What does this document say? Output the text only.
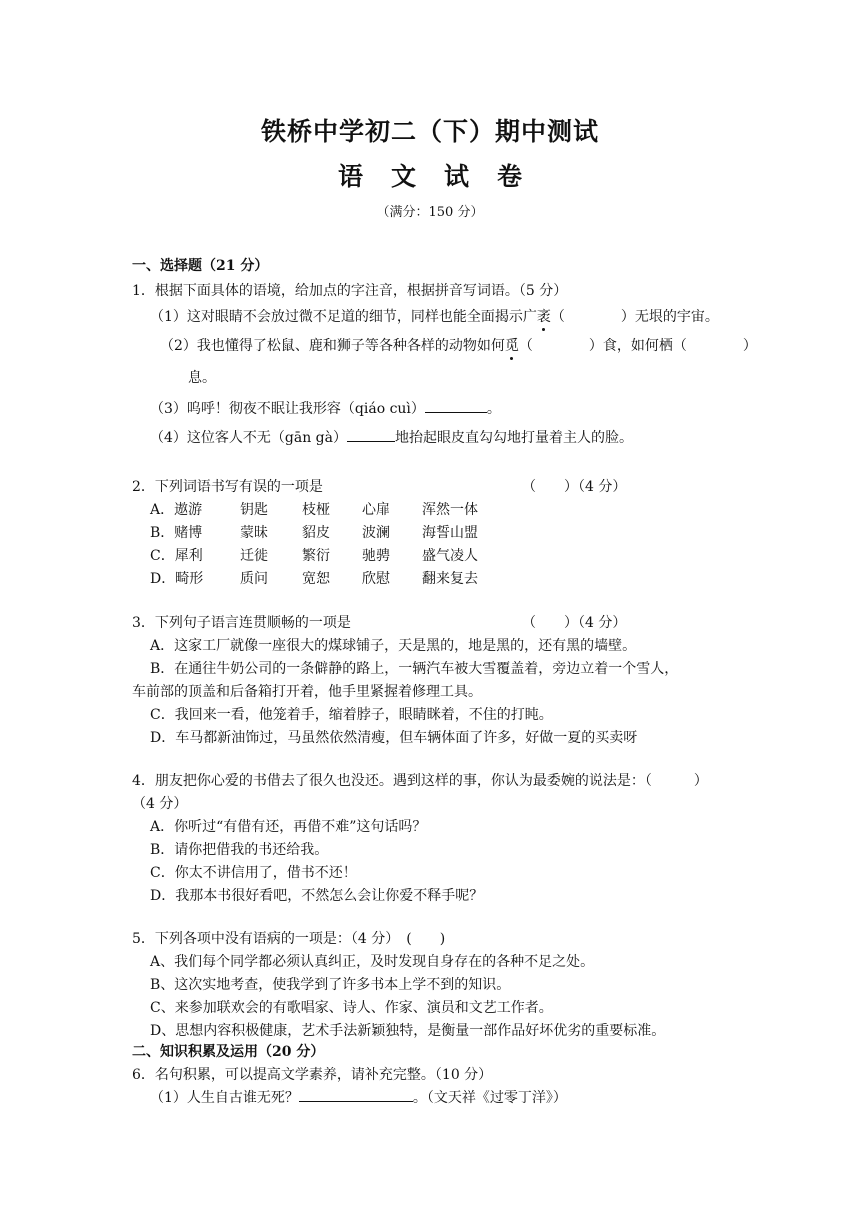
铁桥中学初二（下）期中测试
语 文 试 卷
（满分：150 分）
一、选择题（21 分）
1．根据下面具体的语境，给加点的字注音，根据拼音写词语。（5 分）
（1）这对眼睛不会放过微不足道的细节，同样也能全面揭示广袤（	）无垠的宇宙。
（2）我也懂得了松鼠、鹿和狮子等各种各样的动物如何觅（	）食，如何栖（	）
息。
（3）呜呼！彻夜不眠让我形容（qiáo cuì）	。
（4）这位客人不无（gān gà）	地抬起眼皮直勾勾地打量着主人的脸。
2．下列词语书写有误的一项是	（　　）（4 分）
A．遨游	钥匙 枝桠 心扉 浑然一体
B．赌博	蒙昧 貂皮 波澜 海誓山盟
C．犀利	迁徙 繁衍 驰骋 盛气凌人
D．畸形	质问 宽恕 欣慰 翻来复去
3．下列句子语言连贯顺畅的一项是	（　　）（4 分）
A．这家工厂就像一座很大的煤球铺子，天是黑的，地是黑的，还有黑的墙壁。
B．在通往牛奶公司的一条僻静的路上，一辆汽车被大雪覆盖着，旁边立着一个雪人，
车前部的顶盖和后备箱打开着，他手里紧握着修理工具。
C．我回来一看，他笼着手，缩着脖子，眼睛眯着，不住的打盹。
D．车马都新油饰过，马虽然依然清瘦，但车辆体面了许多，好做一夏的买卖呀
4．朋友把你心爱的书借去了很久也没还。遇到这样的事，你认为最委婉的说法是：（　　　）
（4 分）
A．你听过“有借有还，再借不难”这句话吗？
B．请你把借我的书还给我。
C．你太不讲信用了，借书不还！
D．我那本书很好看吧，不然怎么会让你爱不释手呢？
5．下列各项中没有语病的一项是：（4 分）　(　　)
A、我们每个同学都必须认真纠正，及时发现自身存在的各种不足之处。
B、这次实地考查，使我学到了许多书本上学不到的知识。
C、来参加联欢会的有歌唱家、诗人、作家、演员和文艺工作者。
D、思想内容积极健康，艺术手法新颖独特，是衡量一部作品好坏优劣的重要标准。
二、知识积累及运用（20 分）
6．名句积累，可以提高文学素养，请补充完整。（10 分）
（1）人生自古谁无死？	。（文天祥《过零丁洋》）
